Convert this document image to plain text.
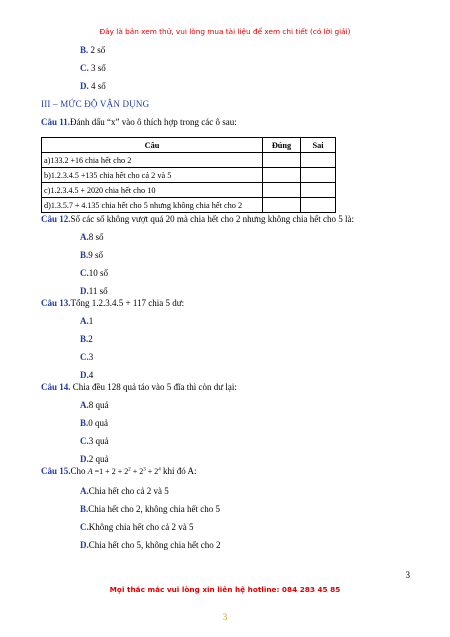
Đây là bản xem thử, vui lòng mua tài liệu để xem chi tiết (có lời giải)
B. 2 số
C. 3 số
D. 4 số
III – MỨC ĐỘ VẬN DỤNG
Câu 11.Đánh dấu “x” vào ô thích hợp trong các ô sau:
Câu	Đúng	Sai
a)133.2 +16 chia hết cho 2		
b)1.2.3.4.5 +135 chia hết cho cả 2 và 5		
c)1.2.3.4.5 + 2020 chia hết cho 10		
d)1.3.5.7 + 4.135 chia hết cho 5 nhưng không chia hết cho 2		
Câu 12.Số các số không vượt quá 20 mà chia hết cho 2 nhưng không chia hết cho 5 là:
A.8 số
B.9 số
C.10 số
D.11 số
Câu 13.Tổng 1.2.3.4.5 + 117 chia 5 dư:
A.1
B.2
C.3
D.4
Câu 14. Chia đều 128 quả táo vào 5 đĩa thì còn dư lại:
A.8 quả
B.0 quả
C.3 quả
D.2 quả
Câu 15.Cho $A =1 + 2 + 2^2 + 2^3 + 2^4$ khi đó A:
A.Chia hết cho cả 2 và 5
B.Chia hết cho 2, không chia hết cho 5
C.Không chia hết cho cả 2 và 5
D.Chia hết cho 5, không chia hết cho 2
3
Mọi thắc mắc vui lòng xin liên hệ hotline: 084 283 45 85
3
